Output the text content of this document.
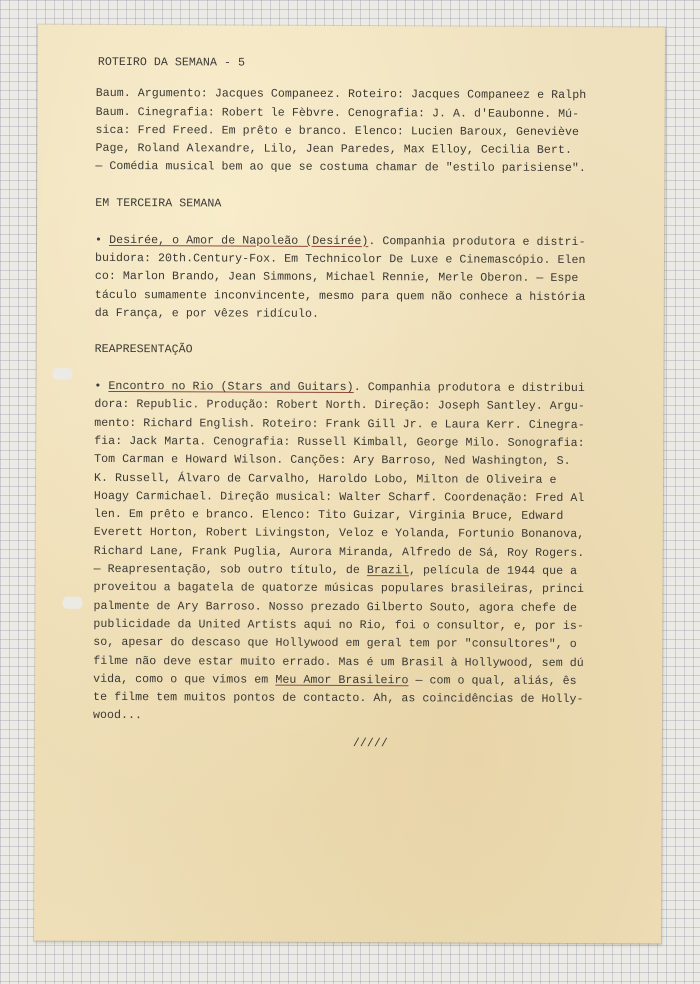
ROTEIRO DA SEMANA - 5
Baum. Argumento: Jacques Companeez. Roteiro: Jacques Companeez e Ralph
Baum. Cinegrafia: Robert le Fèbvre. Cenografia: J. A. d'Eaubonne. Mú-
sica: Fred Freed. Em prêto e branco. Elenco: Lucien Baroux, Geneviève
Page, Roland Alexandre, Lilo, Jean Paredes, Max Elloy, Cecilia Bert.
— Comédia musical bem ao que se costuma chamar de "estilo parisiense".
EM TERCEIRA SEMANA
• Desirée, o Amor de Napoleão (Desirée). Companhia produtora e distri-
buidora: 20th.Century-Fox. Em Technicolor De Luxe e Cinemascópio. Elen
co: Marlon Brando, Jean Simmons, Michael Rennie, Merle Oberon. — Espe
táculo sumamente inconvincente, mesmo para quem não conhece a história
da França, e por vêzes ridículo.
REAPRESENTAÇÃO
• Encontro no Rio (Stars and Guitars). Companhia produtora e distribui
dora: Republic. Produção: Robert North. Direção: Joseph Santley. Argu-
mento: Richard English. Roteiro: Frank Gill Jr. e Laura Kerr. Cinegra-
fia: Jack Marta. Cenografia: Russell Kimball, George Milo. Sonografia:
Tom Carman e Howard Wilson. Canções: Ary Barroso, Ned Washington, S.
K. Russell, Álvaro de Carvalho, Haroldo Lobo, Milton de Oliveira e
Hoagy Carmichael. Direção musical: Walter Scharf. Coordenação: Fred Al
len. Em prêto e branco. Elenco: Tito Guizar, Virginia Bruce, Edward
Everett Horton, Robert Livingston, Veloz e Yolanda, Fortunio Bonanova,
Richard Lane, Frank Puglia, Aurora Miranda, Alfredo de Sá, Roy Rogers.
— Reapresentação, sob outro título, de Brazil, película de 1944 que a
proveitou a bagatela de quatorze músicas populares brasileiras, princi
palmente de Ary Barroso. Nosso prezado Gilberto Souto, agora chefe de
publicidade da United Artists aqui no Rio, foi o consultor, e, por is-
so, apesar do descaso que Hollywood em geral tem por "consultores", o
filme não deve estar muito errado. Mas é um Brasil à Hollywood, sem dú
vida, como o que vimos em Meu Amor Brasileiro — com o qual, aliás, ês
te filme tem muitos pontos de contacto. Ah, as coincidências de Holly-
wood...
/////
